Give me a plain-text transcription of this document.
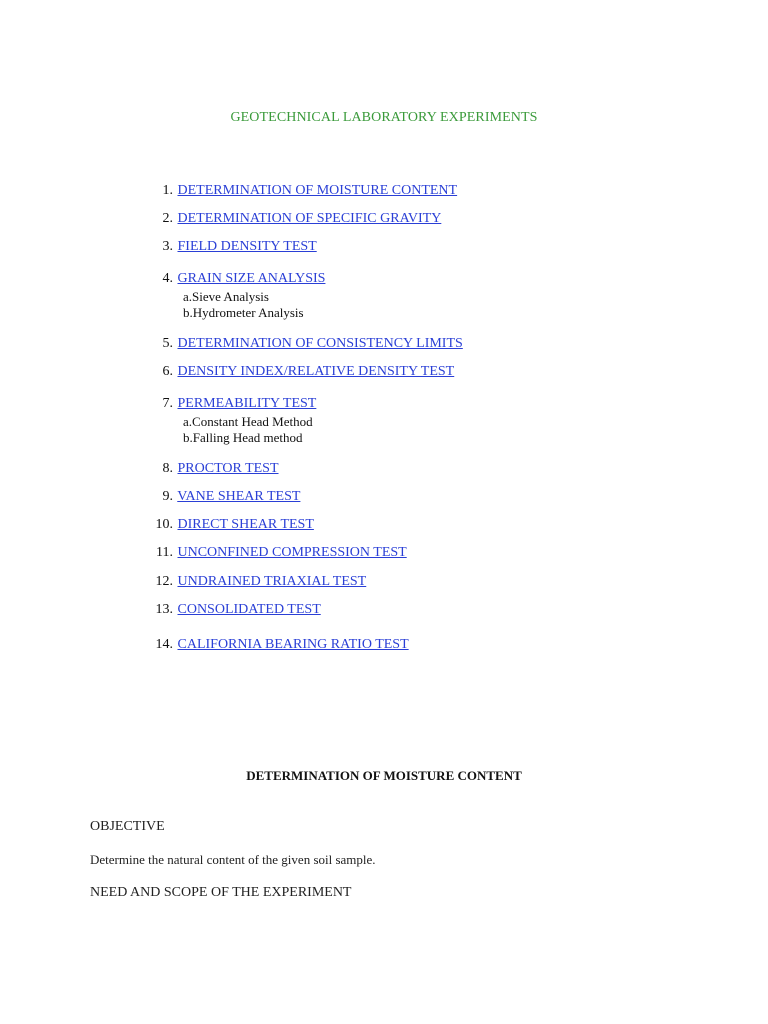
GEOTECHNICAL LABORATORY EXPERIMENTS
1. DETERMINATION OF MOISTURE CONTENT
2. DETERMINATION OF SPECIFIC GRAVITY
3. FIELD DENSITY TEST
4. GRAIN SIZE ANALYSIS
a.Sieve Analysis
b.Hydrometer Analysis
5. DETERMINATION OF CONSISTENCY LIMITS
6. DENSITY INDEX/RELATIVE DENSITY TEST
7. PERMEABILITY TEST
a.Constant Head Method
b.Falling Head method
8. PROCTOR TEST
9. VANE SHEAR TEST
10. DIRECT SHEAR TEST
11. UNCONFINED COMPRESSION TEST
12. UNDRAINED TRIAXIAL TEST
13. CONSOLIDATED TEST
14. CALIFORNIA BEARING RATIO TEST
DETERMINATION OF MOISTURE CONTENT
OBJECTIVE
Determine the natural content of the given soil sample.
NEED AND SCOPE OF THE EXPERIMENT
